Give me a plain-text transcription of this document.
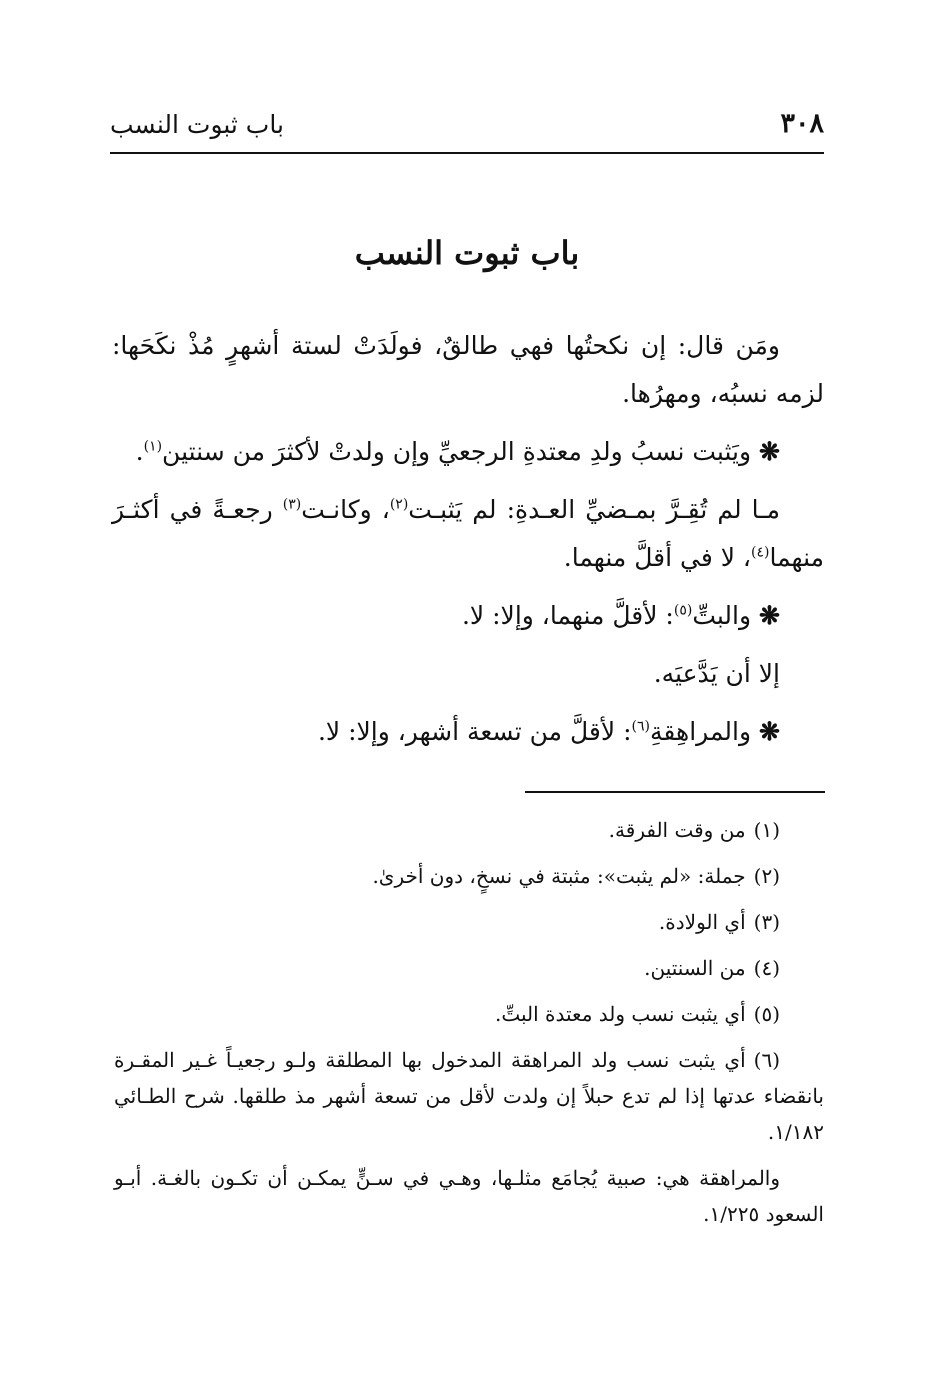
٣٠٨
باب ثبوت النسب
باب ثبوت النسب

ومَن قال: إن نكحتُها فهي طالقٌ، فولَدَتْ لستة أشهرٍ مُذْ نكَحَها: لزمه نسبُه، ومهرُها.

❋ويَثبت نسبُ ولدِ معتدةِ الرجعيِّ وإن ولدتْ لأكثرَ من سنتين$^{(١)}$.

مـا لم تُقِـرَّ بمـضيِّ العـدةِ: لم يَثبـت$^{(٢)}$، وكانـت$^{(٣)}$ رجعـةً في أكثـرَ منهما$^{(٤)}$، لا في أقلَّ منهما.

❋والبتِّ$^{(٥)}$: لأقلَّ منهما، وإلا: لا.

إلا أن يَدَّعيَه.

❋والمراهِقةِ$^{(٦)}$: لأقلَّ من تسعة أشهر، وإلا: لا.

(١)من وقت الفرقة.

(٢)جملة: «لم يثبت»: مثبتة في نسخٍ، دون أخرىٰ.

(٣)أي الولادة.

(٤)من السنتين.

(٥)أي يثبت نسب ولد معتدة البتِّ.

(٦)أي يثبت نسب ولد المراهقة المدخول بها المطلقة ولـو رجعيـاً غـير المقـرة بانقضاء عدتها إذا لم تدع حبلاً إن ولدت لأقل من تسعة أشهر مذ طلقها. شرح الطـائي ١/١٨٢.

والمراهقة هي: صبية يُجامَع مثلـها، وهـي في سـنٍّ يمكـن أن تكـون بالغـة. أبـو السعود ١/٢٢٥.
